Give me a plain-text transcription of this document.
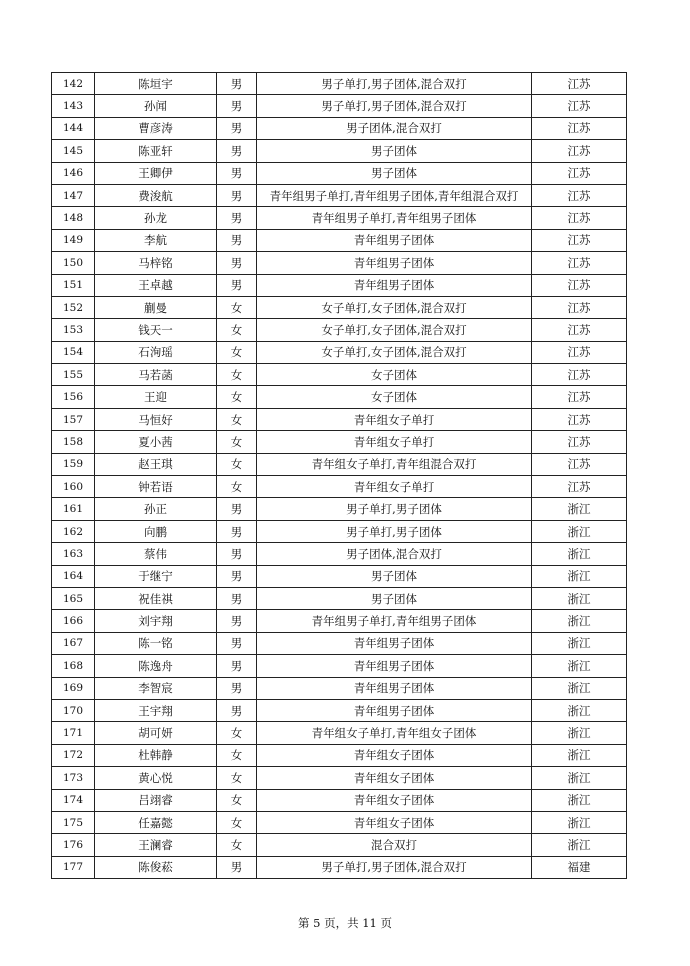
142	陈垣宇	男	男子单打,男子团体,混合双打	江苏
143	孙闻	男	男子单打,男子团体,混合双打	江苏
144	曹彦涛	男	男子团体,混合双打	江苏
145	陈亚轩	男	男子团体	江苏
146	王卿伊	男	男子团体	江苏
147	费浚航	男	青年组男子单打,青年组男子团体,青年组混合双打	江苏
148	孙龙	男	青年组男子单打,青年组男子团体	江苏
149	李航	男	青年组男子团体	江苏
150	马梓铭	男	青年组男子团体	江苏
151	王卓越	男	青年组男子团体	江苏
152	蒯曼	女	女子单打,女子团体,混合双打	江苏
153	钱天一	女	女子单打,女子团体,混合双打	江苏
154	石洵瑶	女	女子单打,女子团体,混合双打	江苏
155	马若菡	女	女子团体	江苏
156	王迎	女	女子团体	江苏
157	马恒好	女	青年组女子单打	江苏
158	夏小茜	女	青年组女子单打	江苏
159	赵王琪	女	青年组女子单打,青年组混合双打	江苏
160	钟若语	女	青年组女子单打	江苏
161	孙正	男	男子单打,男子团体	浙江
162	向鹏	男	男子单打,男子团体	浙江
163	蔡伟	男	男子团体,混合双打	浙江
164	于继宁	男	男子团体	浙江
165	祝佳祺	男	男子团体	浙江
166	刘宇翔	男	青年组男子单打,青年组男子团体	浙江
167	陈一铭	男	青年组男子团体	浙江
168	陈逸舟	男	青年组男子团体	浙江
169	李智宸	男	青年组男子团体	浙江
170	王宇翔	男	青年组男子团体	浙江
171	胡可妍	女	青年组女子单打,青年组女子团体	浙江
172	杜韩静	女	青年组女子团体	浙江
173	黄心悦	女	青年组女子团体	浙江
174	吕翊睿	女	青年组女子团体	浙江
175	任嘉懿	女	青年组女子团体	浙江
176	王澜睿	女	混合双打	浙江
177	陈俊菘	男	男子单打,男子团体,混合双打	福建
第 5 页，共 11 页
腾讯体育＠腾讯体育综合资讯
